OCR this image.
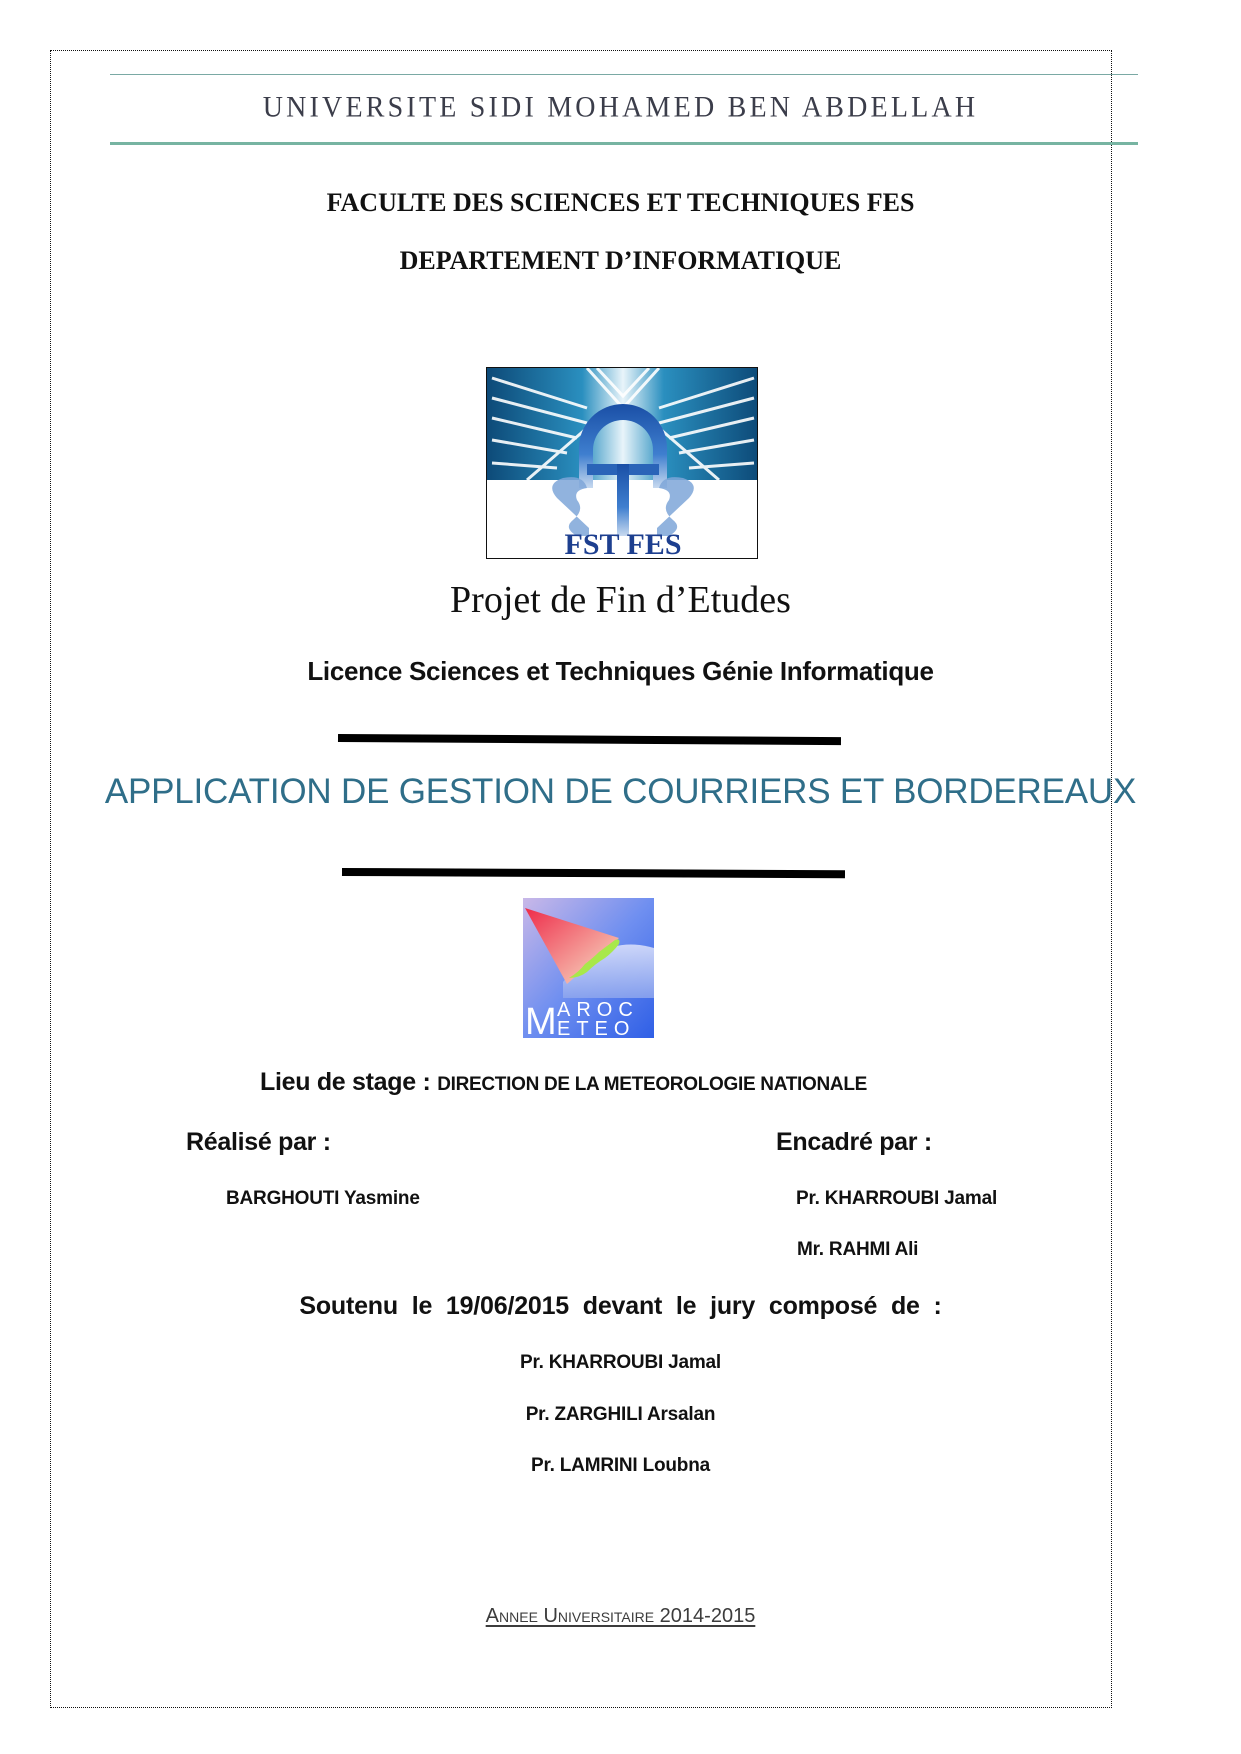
UNIVERSITE SIDI MOHAMED BEN ABDELLAH
FACULTE DES SCIENCES ET TECHNIQUES FES
DEPARTEMENT D’INFORMATIQUE
FST FES
Projet de Fin d’Etudes
Licence Sciences et Techniques Génie Informatique
APPLICATION DE GESTION DE COURRIERS ET BORDEREAUX
M AROC
ETEO
Lieu de stage : DIRECTION DE LA METEOROLOGIE NATIONALE
Réalisé par :	Encadré par :
BARGHOUTI Yasmine	Pr. KHARROUBI Jamal
Mr. RAHMI Ali
Soutenu le 19/06/2015 devant le jury composé de :
Pr. KHARROUBI Jamal
Pr. ZARGHILI Arsalan
Pr. LAMRINI Loubna
Annee Universitaire 2014-2015
